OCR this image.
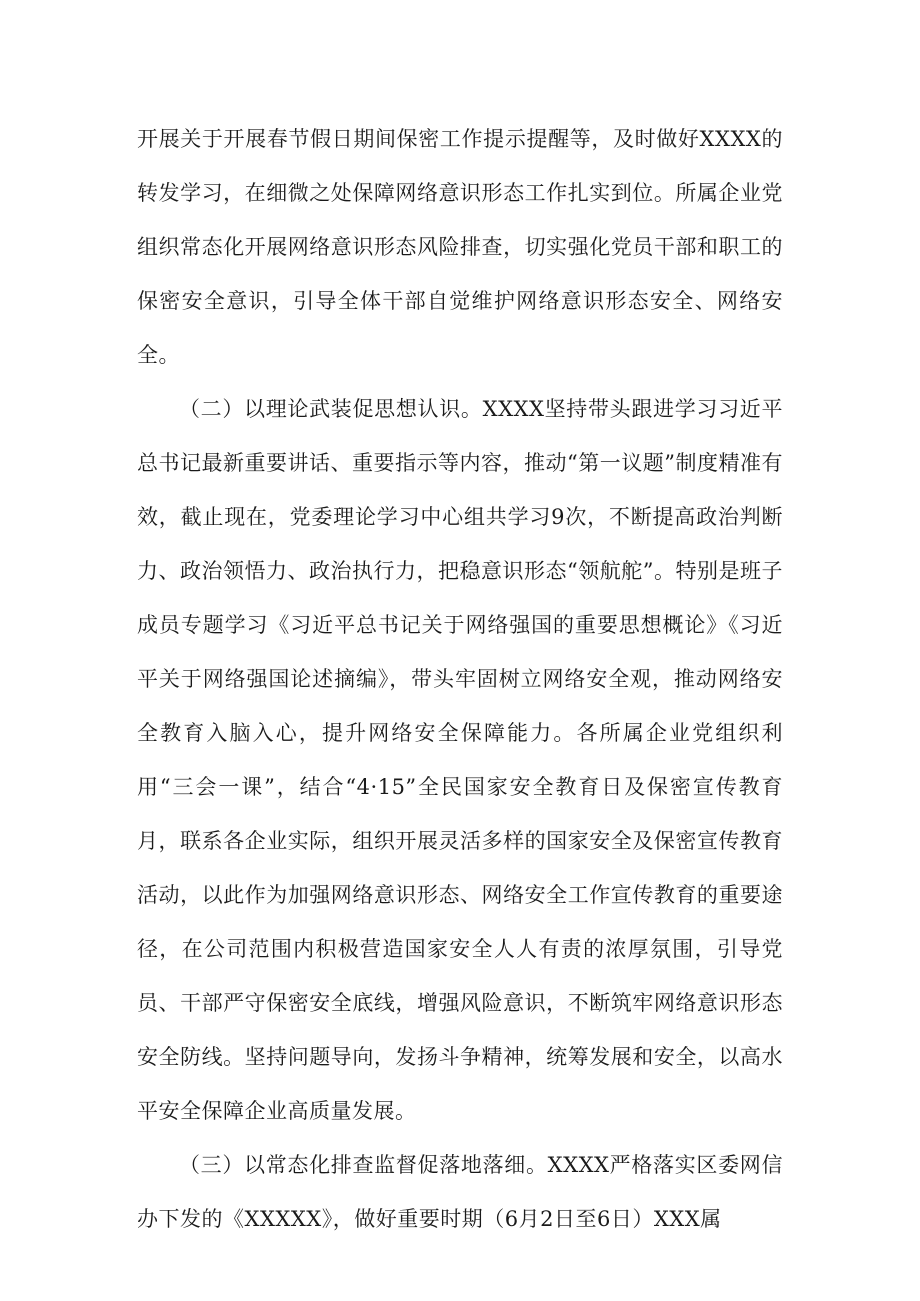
开展关于开展春节假日期间保密工作提示提醒等，及时做好XXXX的转发学习，在细微之处保障网络意识形态工作扎实到位。所属企业党组织常态化开展网络意识形态风险排查，切实强化党员干部和职工的保密安全意识，引导全体干部自觉维护网络意识形态安全、网络安全。

（二）以理论武装促思想认识。XXXX坚持带头跟进学习习近平总书记最新重要讲话、重要指示等内容，推动“第一议题”制度精准有效，截止现在，党委理论学习中心组共学习9次，不断提高政治判断力、政治领悟力、政治执行力，把稳意识形态“领航舵”。特别是班子成员专题学习《习近平总书记关于网络强国的重要思想概论》《习近平关于网络强国论述摘编》，带头牢固树立网络安全观，推动网络安全教育入脑入心，提升网络安全保障能力。各所属企业党组织利用“三会一课”，结合“4·15”全民国家安全教育日及保密宣传教育月，联系各企业实际，组织开展灵活多样的国家安全及保密宣传教育活动，以此作为加强网络意识形态、网络安全工作宣传教育的重要途径，在公司范围内积极营造国家安全人人有责的浓厚氛围，引导党员、干部严守保密安全底线，增强风险意识，不断筑牢网络意识形态安全防线。坚持问题导向，发扬斗争精神，统筹发展和安全，以高水平安全保障企业高质量发展。

（三）以常态化排查监督促落地落细。XXXX严格落实区委网信办下发的《XXXXX》，做好重要时期（6月2日至6日）XXX属
